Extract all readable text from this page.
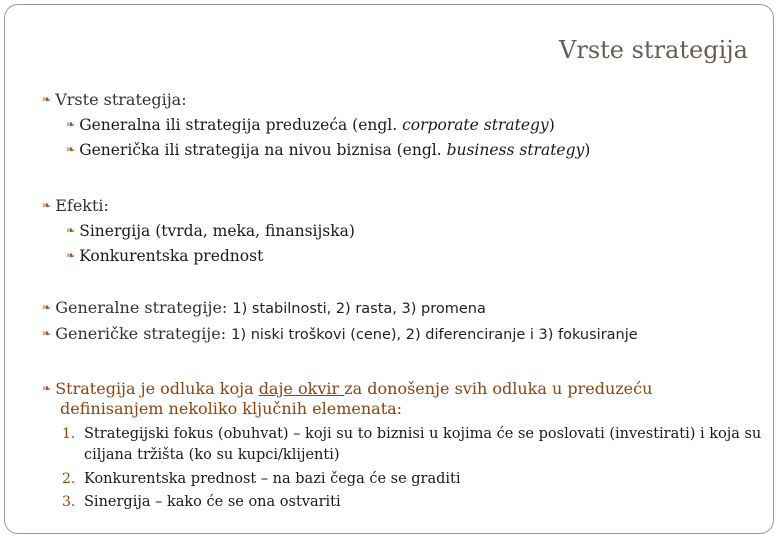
Vrste strategija
❧ Vrste strategija:
❧ Generalna ili strategija preduzeća (engl. corporate strategy)
❧ Generička ili strategija na nivou biznisa (engl. business strategy)
❧ Efekti:
❧ Sinergija (tvrda, meka, finansijska)
❧ Konkurentska prednost
❧ Generalne strategije: 1) stabilnosti, 2) rasta, 3) promena
❧ Generičke strategije: 1) niski troškovi (cene), 2) diferenciranje i 3) fokusiranje
❧ Strategija je odluka koja daje okvir za donošenje svih odluka u preduzeću
definisanjem nekoliko ključnih elemenata:
1. Strategijski fokus (obuhvat) – koji su to biznisi u kojima će se poslovati (investirati) i koja su
ciljana tržišta (ko su kupci/klijenti)
2. Konkurentska prednost – na bazi čega će se graditi
3. Sinergija – kako će se ona ostvariti
